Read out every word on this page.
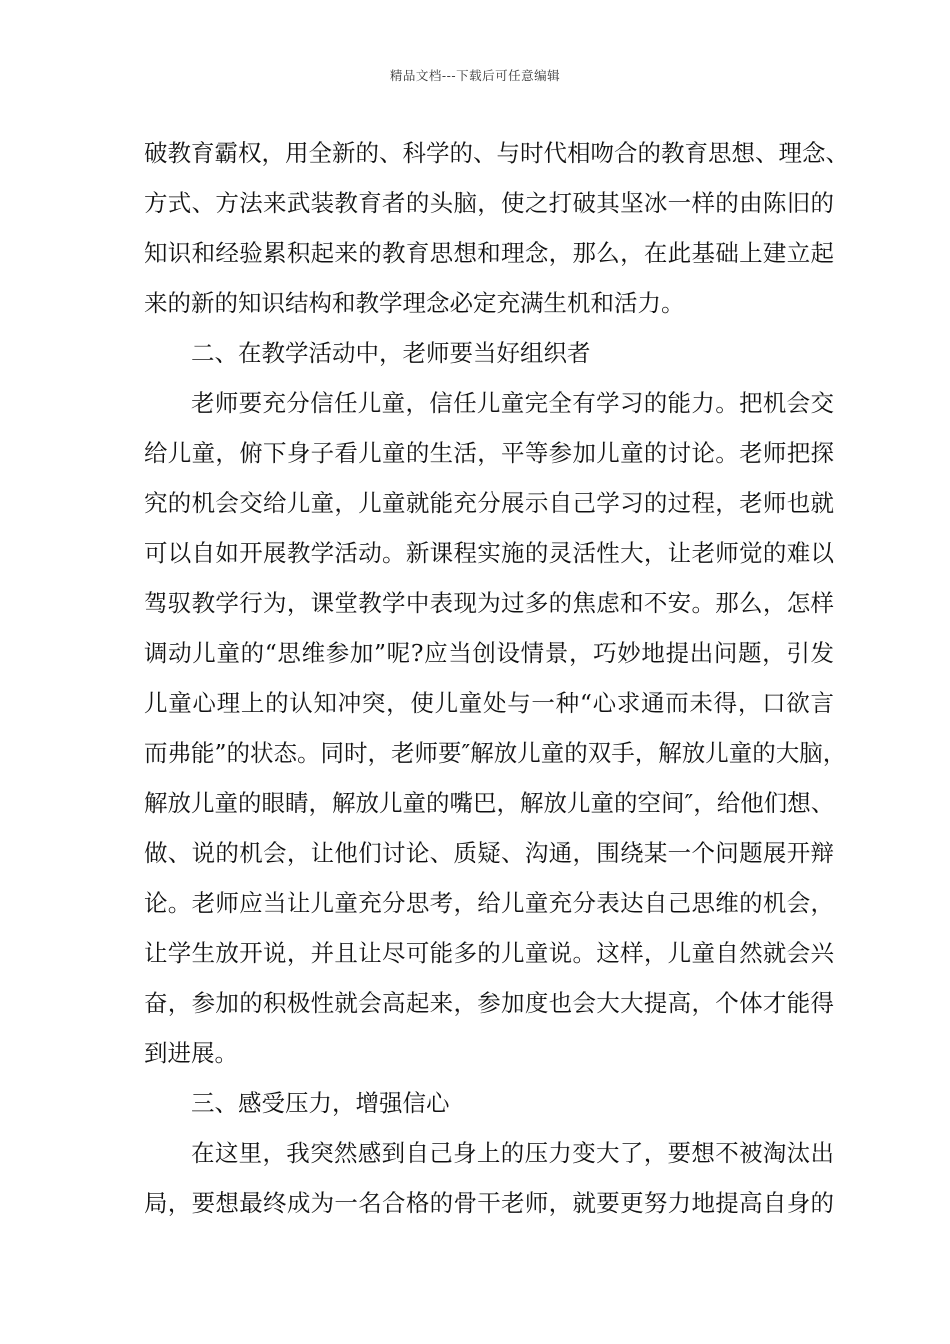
精品文档---下载后可任意编辑
破教育霸权，用全新的、科学的、与时代相吻合的教育思想、理念、
方式、方法来武装教育者的头脑，使之打破其坚冰一样的由陈旧的
知识和经验累积起来的教育思想和理念，那么，在此基础上建立起
来的新的知识结构和教学理念必定充满生机和活力。
二、在教学活动中，老师要当好组织者
老师要充分信任儿童，信任儿童完全有学习的能力。把机会交
给儿童，俯下身子看儿童的生活，平等参加儿童的讨论。老师把探
究的机会交给儿童，儿童就能充分展示自己学习的过程，老师也就
可以自如开展教学活动。新课程实施的灵活性大，让老师觉的难以
驾驭教学行为，课堂教学中表现为过多的焦虑和不安。那么，怎样
调动儿童的“思维参加”呢?应当创设情景，巧妙地提出问题，引发
儿童心理上的认知冲突，使儿童处与一种“心求通而未得，口欲言
而弗能”的状态。同时，老师要″解放儿童的双手，解放儿童的大脑，
解放儿童的眼睛，解放儿童的嘴巴，解放儿童的空间″，给他们想、
做、说的机会，让他们讨论、质疑、沟通，围绕某一个问题展开辩
论。老师应当让儿童充分思考，给儿童充分表达自己思维的机会，
让学生放开说，并且让尽可能多的儿童说。这样，儿童自然就会兴
奋，参加的积极性就会高起来，参加度也会大大提高，个体才能得
到进展。
三、感受压力，增强信心
在这里，我突然感到自己身上的压力变大了，要想不被淘汰出
局，要想最终成为一名合格的骨干老师，就要更努力地提高自身的
